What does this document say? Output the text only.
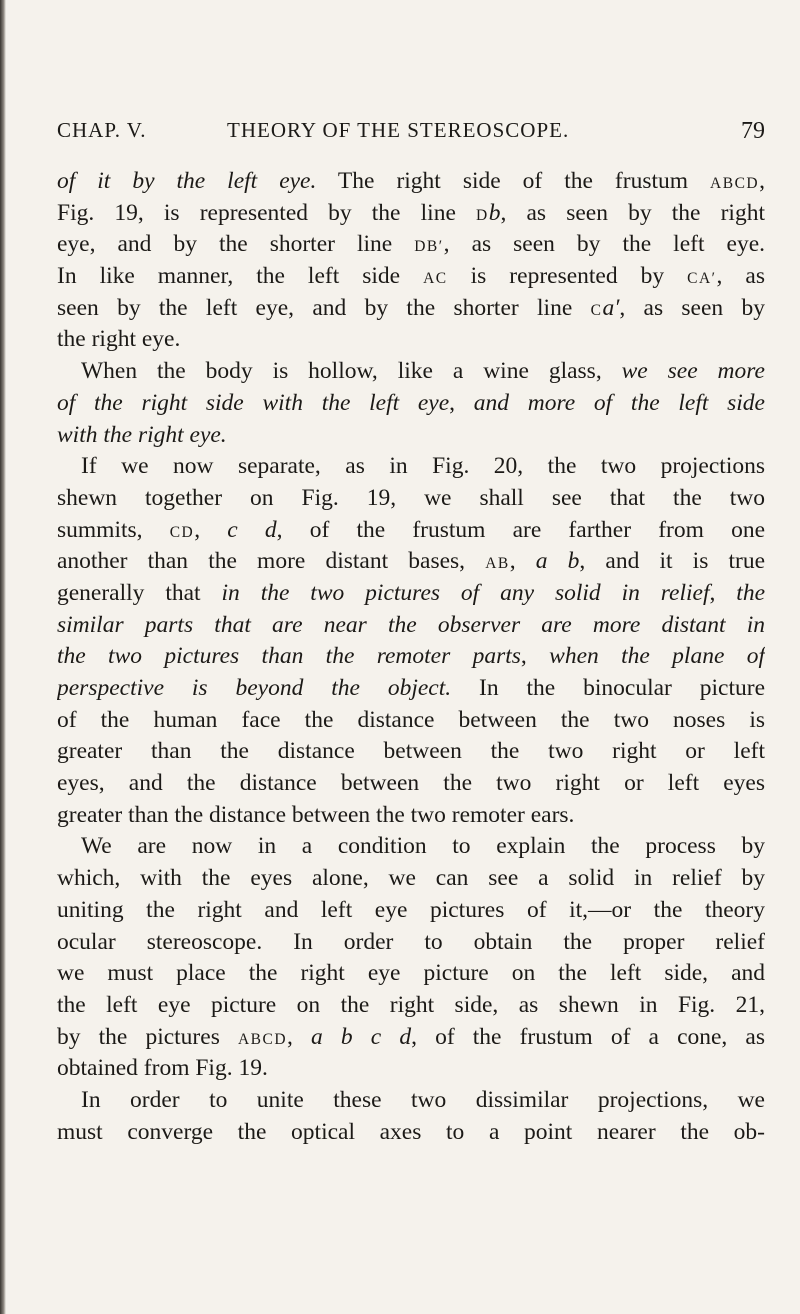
CHAP. V.	THEORY OF THE STEREOSCOPE.	79
of it by the left eye. The right side of the frustum ABCD,
Fig. 19, is represented by the line Db, as seen by the right
eye, and by the shorter line DB′, as seen by the left eye.
In like manner, the left side AC is represented by CA′, as
seen by the left eye, and by the shorter line Ca′, as seen by
the right eye.
When the body is hollow, like a wine glass, we see more
of the right side with the left eye, and more of the left side
with the right eye.
If we now separate, as in Fig. 20, the two projections
shewn together on Fig. 19, we shall see that the two
summits, CD, c d, of the frustum are farther from one
another than the more distant bases, AB, a b, and it is true
generally that in the two pictures of any solid in relief, the
similar parts that are near the observer are more distant in
the two pictures than the remoter parts, when the plane of
perspective is beyond the object. In the binocular picture
of the human face the distance between the two noses is
greater than the distance between the two right or left
eyes, and the distance between the two right or left eyes
greater than the distance between the two remoter ears.
We are now in a condition to explain the process by
which, with the eyes alone, we can see a solid in relief by
uniting the right and left eye pictures of it,—or the theory
ocular stereoscope. In order to obtain the proper relief
we must place the right eye picture on the left side, and
the left eye picture on the right side, as shewn in Fig. 21,
by the pictures ABCD, a b c d, of the frustum of a cone, as
obtained from Fig. 19.
In order to unite these two dissimilar projections, we
must converge the optical axes to a point nearer the ob-
